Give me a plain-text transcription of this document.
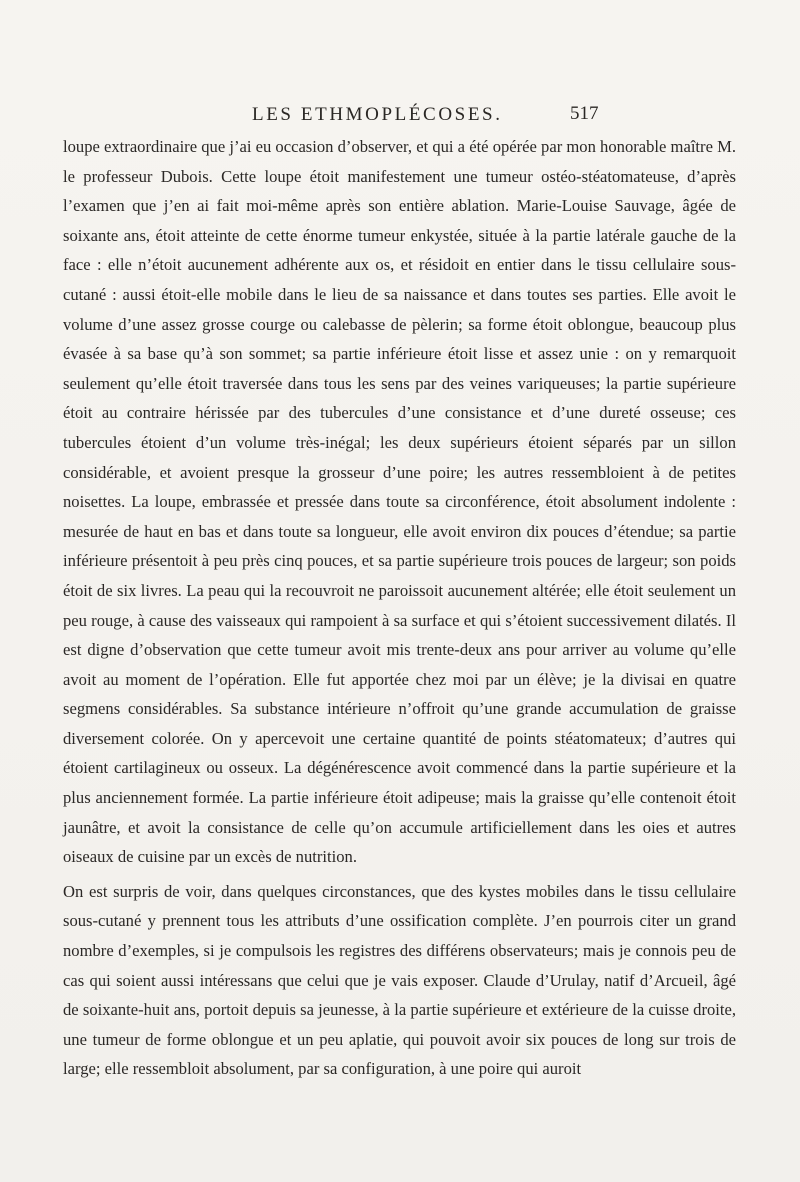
LES ETHMOPLÉCOSES.	517

loupe extraordinaire que j’ai eu occasion d’observer, et qui a été opérée par mon honorable maître M. le professeur Dubois. Cette loupe étoit manifestement une tumeur ostéo-stéatomateuse, d’après l’examen que j’en ai fait moi-même après son entière ablation. Marie-Louise Sauvage, âgée de soixante ans, étoit atteinte de cette énorme tumeur enkystée, située à la partie latérale gauche de la face : elle n’étoit aucunement adhérente aux os, et résidoit en entier dans le tissu cellulaire sous-cutané : aussi étoit-elle mobile dans le lieu de sa naissance et dans toutes ses parties. Elle avoit le volume d’une assez grosse courge ou calebasse de pèlerin; sa forme étoit oblongue, beaucoup plus évasée à sa base qu’à son sommet; sa partie inférieure étoit lisse et assez unie : on y remarquoit seulement qu’elle étoit traversée dans tous les sens par des veines variqueuses; la partie supérieure étoit au contraire hérissée par des tubercules d’une consistance et d’une dureté osseuse; ces tubercules étoient d’un volume très-inégal; les deux supérieurs étoient séparés par un sillon considérable, et avoient presque la grosseur d’une poire; les autres ressembloient à de petites noisettes. La loupe, embrassée et pressée dans toute sa circonférence, étoit absolument indolente : mesurée de haut en bas et dans toute sa longueur, elle avoit environ dix pouces d’étendue; sa partie inférieure présentoit à peu près cinq pouces, et sa partie supérieure trois pouces de largeur; son poids étoit de six livres. La peau qui la recouvroit ne paroissoit aucunement altérée; elle étoit seulement un peu rouge, à cause des vaisseaux qui rampoient à sa surface et qui s’étoient successivement dilatés. Il est digne d’observation que cette tumeur avoit mis trente-deux ans pour arriver au volume qu’elle avoit au moment de l’opération. Elle fut apportée chez moi par un élève; je la divisai en quatre segmens considérables. Sa substance intérieure n’offroit qu’une grande accumulation de graisse diversement colorée. On y apercevoit une certaine quantité de points stéatomateux; d’autres qui étoient cartilagineux ou osseux. La dégénérescence avoit commencé dans la partie supérieure et la plus anciennement formée. La partie inférieure étoit adipeuse; mais la graisse qu’elle contenoit étoit jaunâtre, et avoit la consistance de celle qu’on accumule artificiellement dans les oies et autres oiseaux de cuisine par un excès de nutrition.

On est surpris de voir, dans quelques circonstances, que des kystes mobiles dans le tissu cellulaire sous-cutané y prennent tous les attributs d’une ossification complète. J’en pourrois citer un grand nombre d’exemples, si je compulsois les registres des différens observateurs; mais je connois peu de cas qui soient aussi intéressans que celui que je vais exposer. Claude d’Urulay, natif d’Arcueil, âgé de soixante-huit ans, portoit depuis sa jeunesse, à la partie supérieure et extérieure de la cuisse droite, une tumeur de forme oblongue et un peu aplatie, qui pouvoit avoir six pouces de long sur trois de large; elle ressembloit absolument, par sa configuration, à une poire qui auroit
